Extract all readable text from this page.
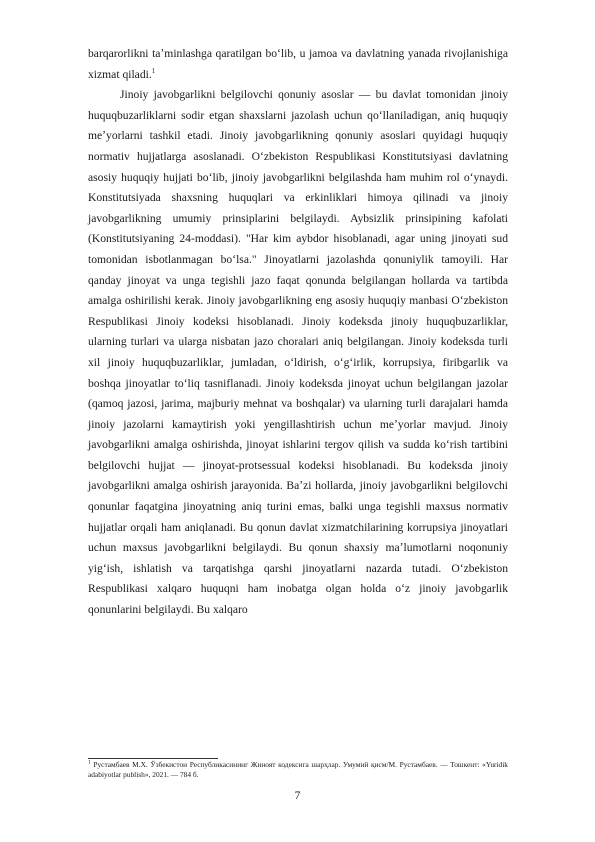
barqarorlikni taʼminlashga qaratilgan boʻlib, u jamoa va davlatning yanada rivojlanishiga xizmat qiladi.$^1$

Jinoiy javobgarlikni belgilovchi qonuniy asoslar — bu davlat tomonidan jinoiy huquqbuzarliklarni sodir etgan shaxslarni jazolash uchun qoʻllaniladigan, aniq huquqiy meʼyorlarni tashkil etadi. Jinoiy javobgarlikning qonuniy asoslari quyidagi huquqiy normativ hujjatlarga asoslanadi. Oʻzbekiston Respublikasi Konstitutsiyasi davlatning asosiy huquqiy hujjati boʻlib, jinoiy javobgarlikni belgilashda ham muhim rol oʻynaydi. Konstitutsiyada shaxsning huquqlari va erkinliklari himoya qilinadi va jinoiy javobgarlikning umumiy prinsiplarini belgilaydi. Aybsizlik prinsipining kafolati (Konstitutsiyaning 24-moddasi). "Har kim aybdor hisoblanadi, agar uning jinoyati sud tomonidan isbotlanmagan boʻlsa." Jinoyatlarni jazolashda qonuniylik tamoyili. Har qanday jinoyat va unga tegishli jazo faqat qonunda belgilangan hollarda va tartibda amalga oshirilishi kerak. Jinoiy javobgarlikning eng asosiy huquqiy manbasi Oʻzbekiston Respublikasi Jinoiy kodeksi hisoblanadi. Jinoiy kodeksda jinoiy huquqbuzarliklar, ularning turlari va ularga nisbatan jazo choralari aniq belgilangan. Jinoiy kodeksda turli xil jinoiy huquqbuzarliklar, jumladan, oʻldirish, oʻgʻirlik, korrupsiya, firibgarlik va boshqa jinoyatlar toʻliq tasniflanadi. Jinoiy kodeksda jinoyat uchun belgilangan jazolar (qamoq jazosi, jarima, majburiy mehnat va boshqalar) va ularning turli darajalari hamda jinoiy jazolarni kamaytirish yoki yengillashtirish uchun meʼyorlar mavjud. Jinoiy javobgarlikni amalga oshirishda, jinoyat ishlarini tergov qilish va sudda koʻrish tartibini belgilovchi hujjat — jinoyat-protsessual kodeksi hisoblanadi. Bu kodeksda jinoiy javobgarlikni amalga oshirish jarayonida. Baʼzi hollarda, jinoiy javobgarlikni belgilovchi qonunlar faqatgina jinoyatning aniq turini emas, balki unga tegishli maxsus normativ hujjatlar orqali ham aniqlanadi. Bu qonun davlat xizmatchilarining korrupsiya jinoyatlari uchun maxsus javobgarlikni belgilaydi. Bu qonun shaxsiy maʼlumotlarni noqonuniy yigʻish, ishlatish va tarqatishga qarshi jinoyatlarni nazarda tutadi. Oʻzbekiston Respublikasi xalqaro huquqni ham inobatga olgan holda oʻz jinoiy javobgarlik qonunlarini belgilaydi. Bu xalqaro

$^1$ Рустамбаев М.Х. Ўзбекистон Республикасининг Жиноят кодексига шарҳлар. Умумий қисм/М. Рустамбаев. — Тошкент: «Yuridik adabiyotlar publish», 2021. — 784 б.

7
